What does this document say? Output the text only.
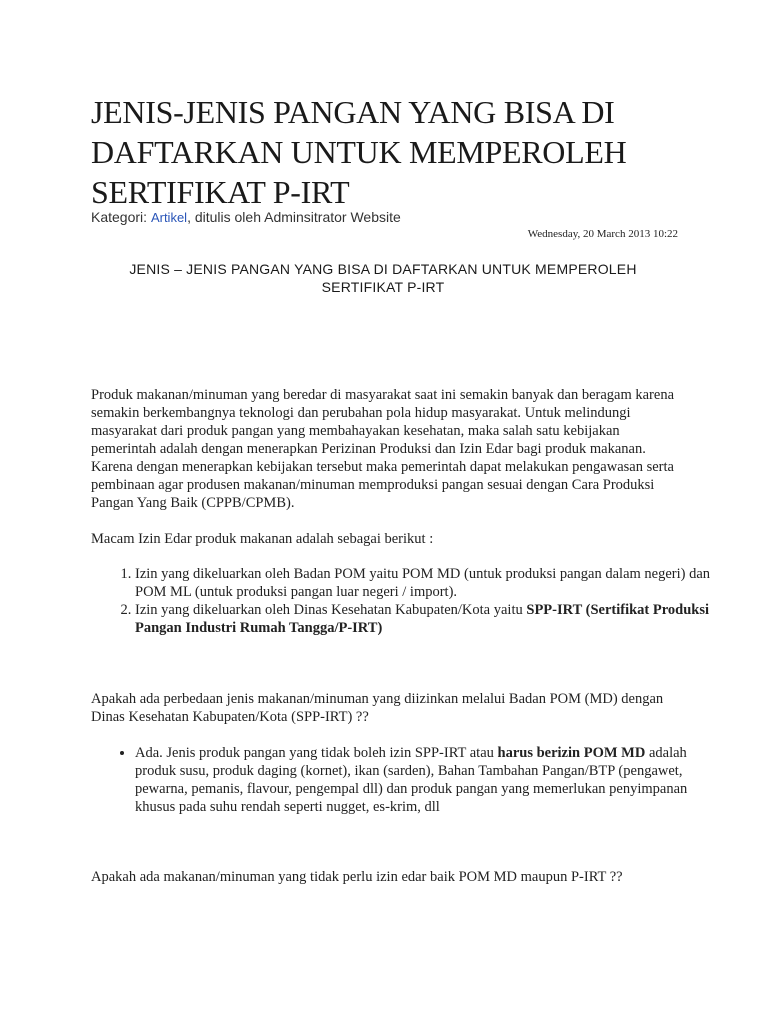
JENIS-JENIS PANGAN YANG BISA DI DAFTARKAN UNTUK MEMPEROLEH SERTIFIKAT P-IRT
Kategori: Artikel, ditulis oleh Adminsitrator Website
Wednesday, 20 March 2013 10:22
JENIS – JENIS PANGAN YANG BISA DI DAFTARKAN UNTUK MEMPEROLEH SERTIFIKAT P-IRT

Produk makanan/minuman yang beredar di masyarakat saat ini semakin banyak dan beragam karena semakin berkembangnya teknologi dan perubahan pola hidup masyarakat. Untuk melindungi masyarakat dari produk pangan yang membahayakan kesehatan, maka salah satu kebijakan pemerintah adalah dengan menerapkan Perizinan Produksi dan Izin Edar bagi produk makanan. Karena dengan menerapkan kebijakan tersebut maka pemerintah dapat melakukan pengawasan serta pembinaan agar produsen makanan/minuman memproduksi pangan sesuai dengan Cara Produksi Pangan Yang Baik (CPPB/CPMB).

Macam Izin Edar produk makanan adalah sebagai berikut :

1. Izin yang dikeluarkan oleh Badan POM yaitu POM MD (untuk produksi pangan dalam negeri) dan POM ML (untuk produksi pangan luar negeri / import).
2. Izin yang dikeluarkan oleh Dinas Kesehatan Kabupaten/Kota yaitu SPP-IRT (Sertifikat Produksi Pangan Industri Rumah Tangga/P-IRT)

Apakah ada perbedaan jenis makanan/minuman yang diizinkan melalui Badan POM (MD) dengan Dinas Kesehatan Kabupaten/Kota (SPP-IRT) ??

• Ada. Jenis produk pangan yang tidak boleh izin SPP-IRT atau harus berizin POM MD adalah produk susu, produk daging (kornet), ikan (sarden), Bahan Tambahan Pangan/BTP (pengawet, pewarna, pemanis, flavour, pengempal dll) dan produk pangan yang memerlukan penyimpanan khusus pada suhu rendah seperti nugget, es-krim, dll

Apakah ada makanan/minuman yang tidak perlu izin edar baik POM MD maupun P-IRT ??
